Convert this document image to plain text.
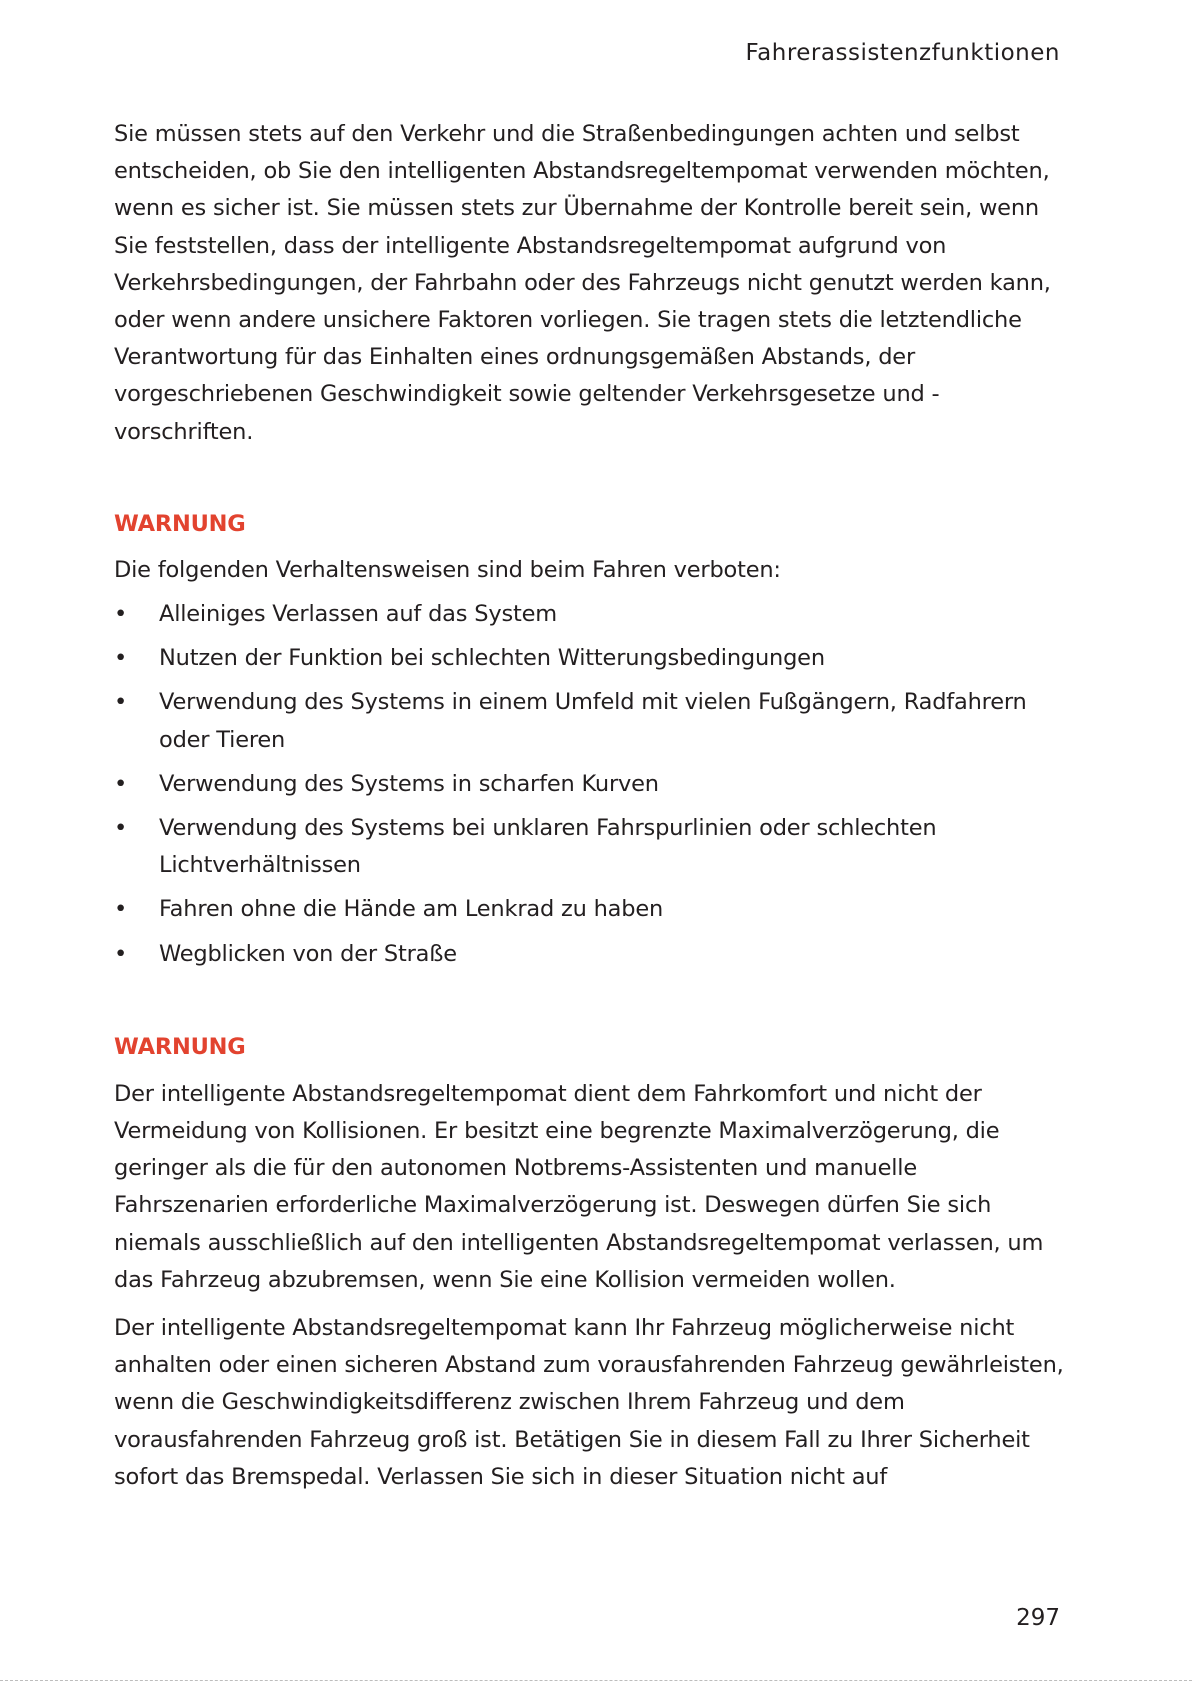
Fahrerassistenzfunktionen

Sie müssen stets auf den Verkehr und die Straßenbedingungen achten und selbst entscheiden, ob Sie den intelligenten Abstandsregeltempomat verwenden möchten, wenn es sicher ist. Sie müssen stets zur Übernahme der Kontrolle bereit sein, wenn Sie feststellen, dass der intelligente Abstandsregeltempomat aufgrund von Verkehrsbedingungen, der Fahrbahn oder des Fahrzeugs nicht genutzt werden kann, oder wenn andere unsichere Faktoren vorliegen. Sie tragen stets die letztendliche Verantwortung für das Einhalten eines ordnungsgemäßen Abstands, der vorgeschriebenen Geschwindigkeit sowie geltender Verkehrsgesetze und -vorschriften.

WARNUNG

Die folgenden Verhaltensweisen sind beim Fahren verboten:

•	Alleiniges Verlassen auf das System
•	Nutzen der Funktion bei schlechten Witterungsbedingungen
•	Verwendung des Systems in einem Umfeld mit vielen Fußgängern, Radfahrern oder Tieren
•	Verwendung des Systems in scharfen Kurven
•	Verwendung des Systems bei unklaren Fahrspurlinien oder schlechten Lichtverhältnissen
•	Fahren ohne die Hände am Lenkrad zu haben
•	Wegblicken von der Straße
WARNUNG

Der intelligente Abstandsregeltempomat dient dem Fahrkomfort und nicht der Vermeidung von Kollisionen. Er besitzt eine begrenzte Maximalverzögerung, die geringer als die für den autonomen Notbrems-Assistenten und manuelle Fahrszenarien erforderliche Maximalverzögerung ist. Deswegen dürfen Sie sich niemals ausschließlich auf den intelligenten Abstandsregeltempomat verlassen, um das Fahrzeug abzubremsen, wenn Sie eine Kollision vermeiden wollen.

Der intelligente Abstandsregeltempomat kann Ihr Fahrzeug möglicherweise nicht anhalten oder einen sicheren Abstand zum vorausfahrenden Fahrzeug gewährleisten, wenn die Geschwindigkeitsdifferenz zwischen Ihrem Fahrzeug und dem vorausfahrenden Fahrzeug groß ist. Betätigen Sie in diesem Fall zu Ihrer Sicherheit sofort das Bremspedal. Verlassen Sie sich in dieser Situation nicht auf

297
